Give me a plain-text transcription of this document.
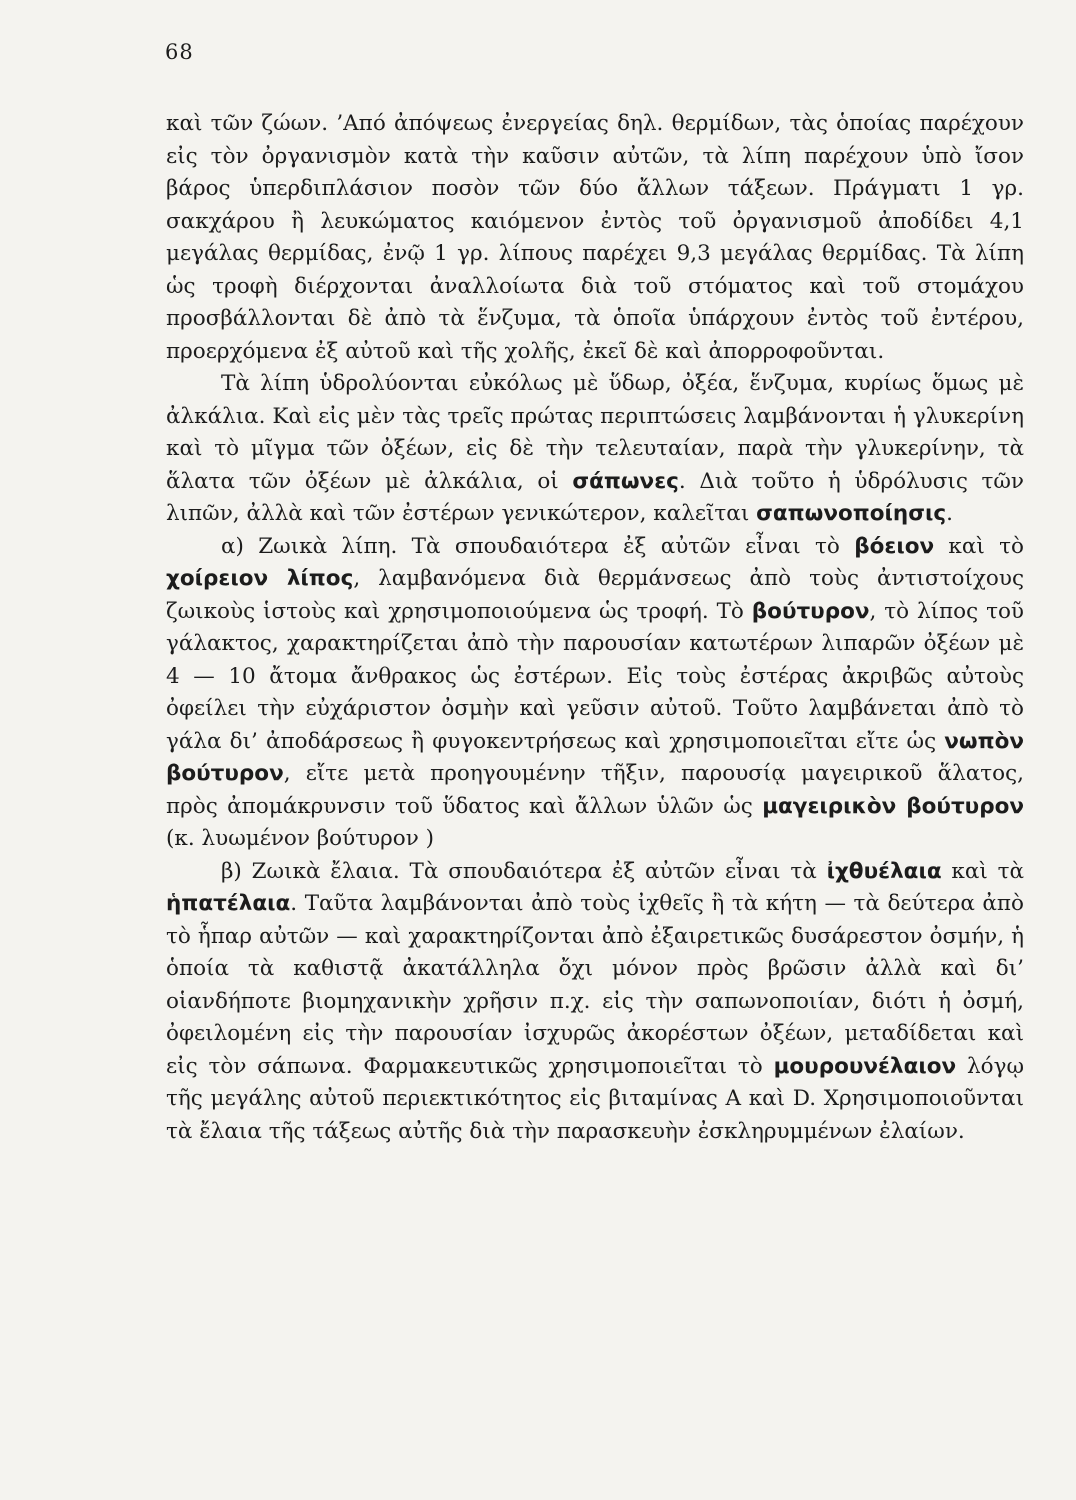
68

καὶ τῶν ζώων. ’Από ἀπόψεως ἐνεργείας δηλ. θερμίδων, τὰς ὁποίας παρέχουν εἰς τὸν ὀργανισμὸν κατὰ τὴν καῦσιν αὐτῶν, τὰ λίπη παρέχουν ὑπὸ ἴσον βάρος ὑπερδιπλάσιον ποσὸν τῶν δύο ἄλλων τάξεων. Πράγματι 1 γρ. σακχάρου ἢ λευκώματος καιόμενον ἐντὸς τοῦ ὀργανισμοῦ ἀποδίδει 4,1 μεγάλας θερμίδας, ἐνῷ 1 γρ. λίπους παρέχει 9,3 μεγάλας θερμίδας. Τὰ λίπη ὡς τροφὴ διέρχονται ἀναλλοίωτα διὰ τοῦ στόματος καὶ τοῦ στομάχου προσβάλλονται δὲ ἀπὸ τὰ ἕνζυμα, τὰ ὁποῖα ὑπάρχουν ἐντὸς τοῦ ἐντέρου, προερχόμενα ἐξ αὐτοῦ καὶ τῆς χολῆς, ἐκεῖ δὲ καὶ ἀπορροφοῦνται.

Τὰ λίπη ὑδρολύονται εὐκόλως μὲ ὕδωρ, ὀξέα, ἕνζυμα, κυρίως ὅμως μὲ ἀλκάλια. Καὶ εἰς μὲν τὰς τρεῖς πρώτας περιπτώσεις λαμβάνονται ἡ γλυκερίνη καὶ τὸ μῖγμα τῶν ὀξέων, εἰς δὲ τὴν τελευταίαν, παρὰ τὴν γλυκερίνην, τὰ ἅλατα τῶν ὀξέων μὲ ἀλκάλια, οἱ σάπωνες. Διὰ τοῦτο ἡ ὑδρόλυσις τῶν λιπῶν, ἀλλὰ καὶ τῶν ἐστέρων γενικώτερον, καλεῖται σαπωνοποίησις.

α) Ζωικὰ λίπη. Τὰ σπουδαιότερα ἐξ αὐτῶν εἶναι τὸ βόειον καὶ τὸ χοίρειον λίπος, λαμβανόμενα διὰ θερμάνσεως ἀπὸ τοὺς ἀντιστοίχους ζωικοὺς ἱστοὺς καὶ χρησιμοποιούμενα ὡς τροφή. Τὸ βούτυρον, τὸ λίπος τοῦ γάλακτος, χαρακτηρίζεται ἀπὸ τὴν παρουσίαν κατωτέρων λιπαρῶν ὀξέων μὲ 4 — 10 ἄτομα ἄνθρακος ὡς ἐστέρων. Εἰς τοὺς ἐστέρας ἀκριβῶς αὐτοὺς ὀφείλει τὴν εὐχάριστον ὀσμὴν καὶ γεῦσιν αὐτοῦ. Τοῦτο λαμβάνεται ἀπὸ τὸ γάλα δι’ ἀποδάρσεως ἢ φυγοκεντρήσεως καὶ χρησιμοποιεῖται εἴτε ὡς νωπὸν βούτυρον, εἴτε μετὰ προηγουμένην τῆξιν, παρουσίᾳ μαγειρικοῦ ἅλατος, πρὸς ἀπομάκρυνσιν τοῦ ὕδατος καὶ ἄλλων ὑλῶν ὡς μαγειρικὸν βούτυρον (κ. λυωμένον βούτυρον )

β) Ζωικὰ ἔλαια. Τὰ σπουδαιότερα ἐξ αὐτῶν εἶναι τὰ ἰχθυέλαια καὶ τὰ ἡπατέλαια. Ταῦτα λαμβάνονται ἀπὸ τοὺς ἰχθεῖς ἢ τὰ κήτη — τὰ δεύτερα ἀπὸ τὸ ἧπαρ αὐτῶν — καὶ χαρακτηρίζονται ἀπὸ ἐξαιρετικῶς δυσάρεστον ὀσμήν, ἡ ὁποία τὰ καθιστᾷ ἀκατάλληλα ὄχι μόνον πρὸς βρῶσιν ἀλλὰ καὶ δι’ οἱανδήποτε βιομηχανικὴν χρῆσιν π.χ. εἰς τὴν σαπωνοποιίαν, διότι ἡ ὀσμή, ὀφειλομένη εἰς τὴν παρουσίαν ἰσχυρῶς ἀκορέστων ὀξέων, μεταδίδεται καὶ εἰς τὸν σάπωνα. Φαρμακευτικῶς χρησιμοποιεῖται τὸ μουρουνέλαιον λόγῳ τῆς μεγάλης αὐτοῦ περιεκτικότητος εἰς βιταμίνας Α καὶ D. Χρησιμοποιοῦνται τὰ ἔλαια τῆς τάξεως αὐτῆς διὰ τὴν παρασκευὴν ἐσκληρυμμένων ἐλαίων.
